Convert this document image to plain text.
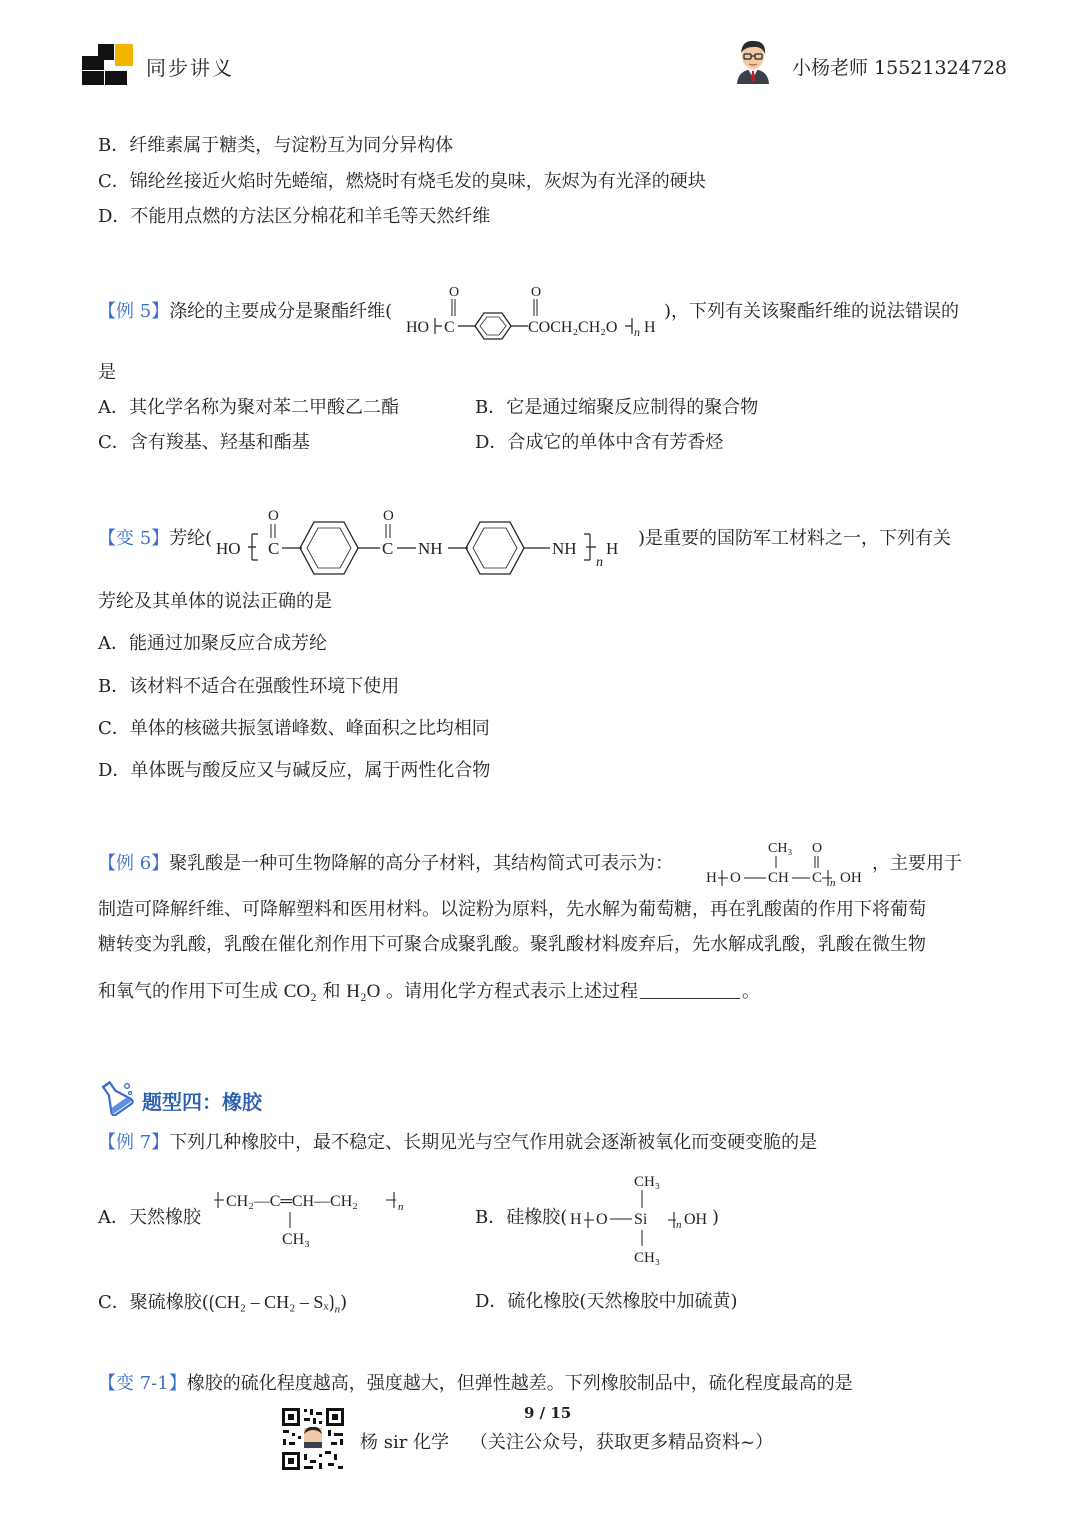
同步讲义	小杨老师 15521324728
B．纤维素属于糖类，与淀粉互为同分异构体
C．锦纶丝接近火焰时先蜷缩，燃烧时有烧毛发的臭味，灰烬为有光泽的硬块
D．不能用点燃的方法区分棉花和羊毛等天然纤维
【例 5】涤纶的主要成分是聚酯纤维(
HO C
O
COCH₂CH₂O
O
n H
)，下列有关该聚酯纤维的说法错误的
是
A．其化学名称为聚对苯二甲酸乙二酯	B．它是通过缩聚反应制得的聚合物
C．含有羧基、羟基和酯基	D．合成它的单体中含有芳香烃
【变 5】芳纶( HO C
O
C
O
NH	NH
n
H )是重要的国防军工材料之一，下列有关
芳纶及其单体的说法正确的是
A．能通过加聚反应合成芳纶
B．该材料不适合在强酸性环境下使用
C．单体的核磁共振氢谱峰数、峰面积之比均相同
D．单体既与酸反应又与碱反应，属于两性化合物
【例 6】聚乳酸是一种可生物降解的高分子材料，其结构简式可表示为：
H O CH
CH₃
C
O
n OH
，主要用于
制造可降解纤维、可降解塑料和医用材料。以淀粉为原料，先水解为葡萄糖，再在乳酸菌的作用下将葡萄
糖转变为乳酸，乳酸在催化剂作用下可聚合成聚乳酸。聚乳酸材料废弃后，先水解成乳酸，乳酸在微生物
和氧气的作用下可生成 CO₂ 和 H₂O 。请用化学方程式表示上述过程	。
题型四：橡胶
【例 7】下列几种橡胶中，最不稳定、长期见光与空气作用就会逐渐被氧化而变硬变脆的是
A．天然橡胶
CH₂—C═CH—CH₂	n
CH₃
B．硅橡胶( H O Si
CH₃
CH₃
n OH )
C．聚硫橡胶(⟮CH₂ – $CH_2 - S_x⟯_n$)	D．硫化橡胶(天然橡胶中加硫黄)
【变 7-1】橡胶的硫化程度越高，强度越大，但弹性越差。下列橡胶制品中，硫化程度最高的是
9 / 15
杨 sir 化学 （关注公众号，获取更多精品资料~）
